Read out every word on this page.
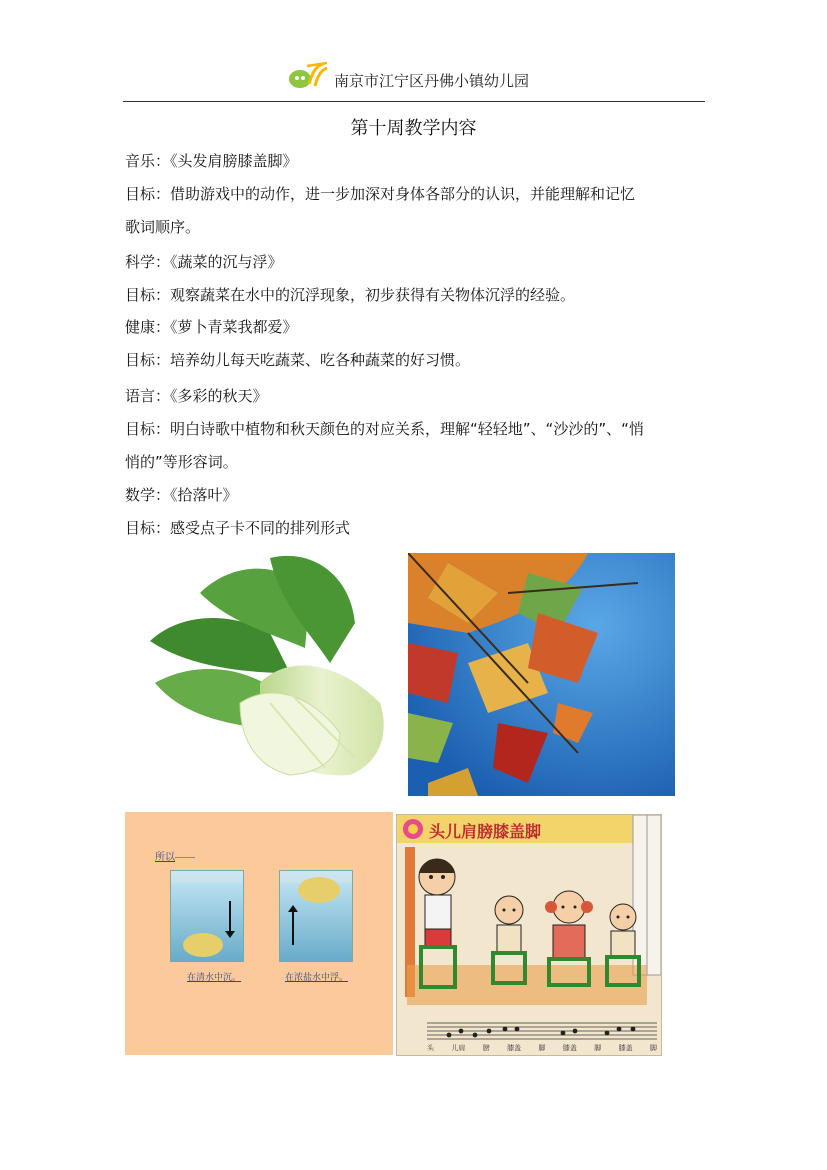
南京市江宁区丹佛小镇幼儿园
第十周教学内容
音乐：《头发肩膀膝盖脚》
目标：借助游戏中的动作，进一步加深对身体各部分的认识，并能理解和记忆
歌词顺序。
科学：《蔬菜的沉与浮》
目标：观察蔬菜在水中的沉浮现象，初步获得有关物体沉浮的经验。
健康：《萝卜青菜我都爱》
目标：培养幼儿每天吃蔬菜、吃各种蔬菜的好习惯。
语言：《多彩的秋天》
目标：明白诗歌中植物和秋天颜色的对应关系，理解“轻轻地”、“沙沙的”、“悄
悄的”等形容词。
数学：《拾落叶》
目标：感受点子卡不同的排列形式
所以——
在清水中沉。	在浓盐水中浮。
头儿肩膀膝盖脚
头 儿肩 膀 膝盖 脚 膝盖 脚 膝盖 脚
